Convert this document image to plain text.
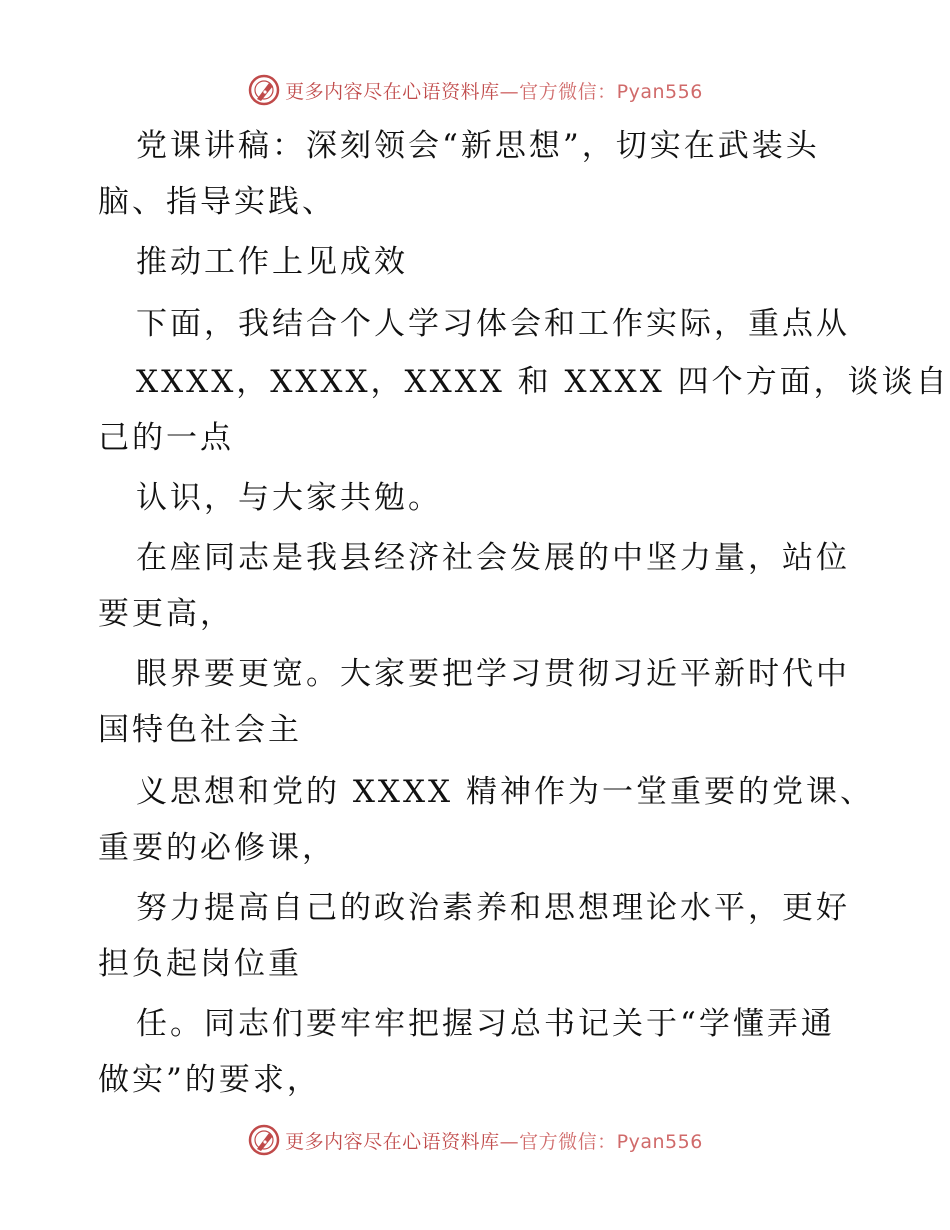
更多内容尽在心语资料库—官方微信：Pyan556
党课讲稿：深刻领会“新思想”，切实在武装头
脑、指导实践、
推动工作上见成效
下面，我结合个人学习体会和工作实际，重点从
XXXX，XXXX，XXXX 和 XXXX 四个方面，谈谈自
己的一点
认识，与大家共勉。
在座同志是我县经济社会发展的中坚力量，站位
要更高，
眼界要更宽。大家要把学习贯彻习近平新时代中
国特色社会主
义思想和党的 XXXX 精神作为一堂重要的党课、
重要的必修课，
努力提高自己的政治素养和思想理论水平，更好
担负起岗位重
任。同志们要牢牢把握习总书记关于“学懂弄通
做实”的要求，
更多内容尽在心语资料库—官方微信：Pyan556
